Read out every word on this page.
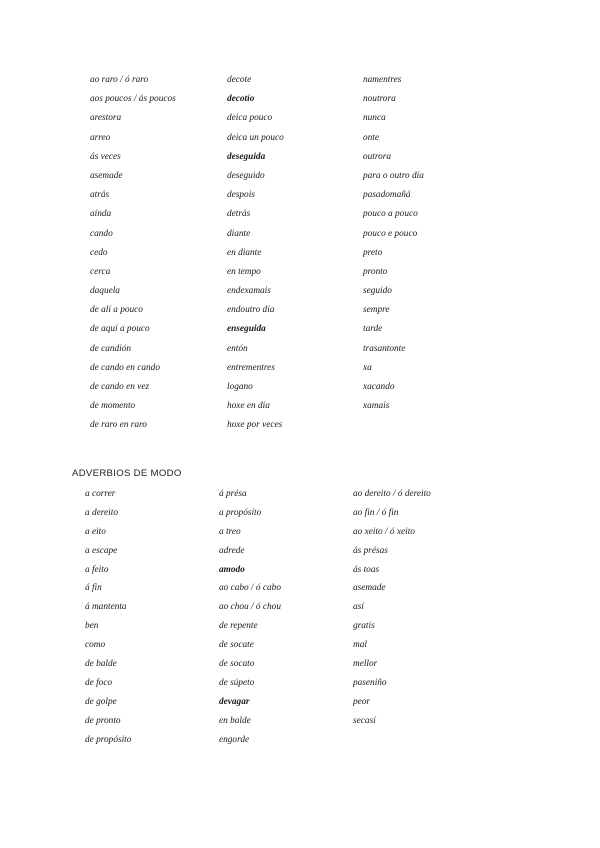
ao raro / ó raro
aos poucos / ás poucos
arestora
arreo
ás veces
asemade
atrás
aínda
cando
cedo
cerca
daquela
de alí a pouco
de aquí a pouco
de candión
de cando en cando
de cando en vez
de momento
de raro en raro
decote
decotío
deica pouco
deica un pouco
deseguida
deseguido
despois
detrás
diante
en diante
en tempo
endexamais
endoutro día
enseguida
entón
entrementres
logano
hoxe en día
hoxe por veces
namentres
noutrora
nunca
onte
outrora
para o outro día
pasadomañá
pouco a pouco
pouco e pouco
preto
pronto
seguido
sempre
tarde
trasantonte
xa
xacando
xamais
ADVERBIOS DE MODO
a correr
a dereito
a eito
a escape
a feito
á fin
á mantenta
ben
como
de balde
de foco
de golpe
de pronto
de propósito
á présa
a propósito
a treo
adrede
amodo
ao cabo / ó cabo
ao chou / ó chou
de repente
de socate
de socato
de súpeto
devagar
en balde
engorde
ao dereito / ó dereito
ao fin / ó fin
ao xeito / ó xeito
ás présas
ás toas
asemade
así
gratis
mal
mellor
paseniño
peor
secasí
